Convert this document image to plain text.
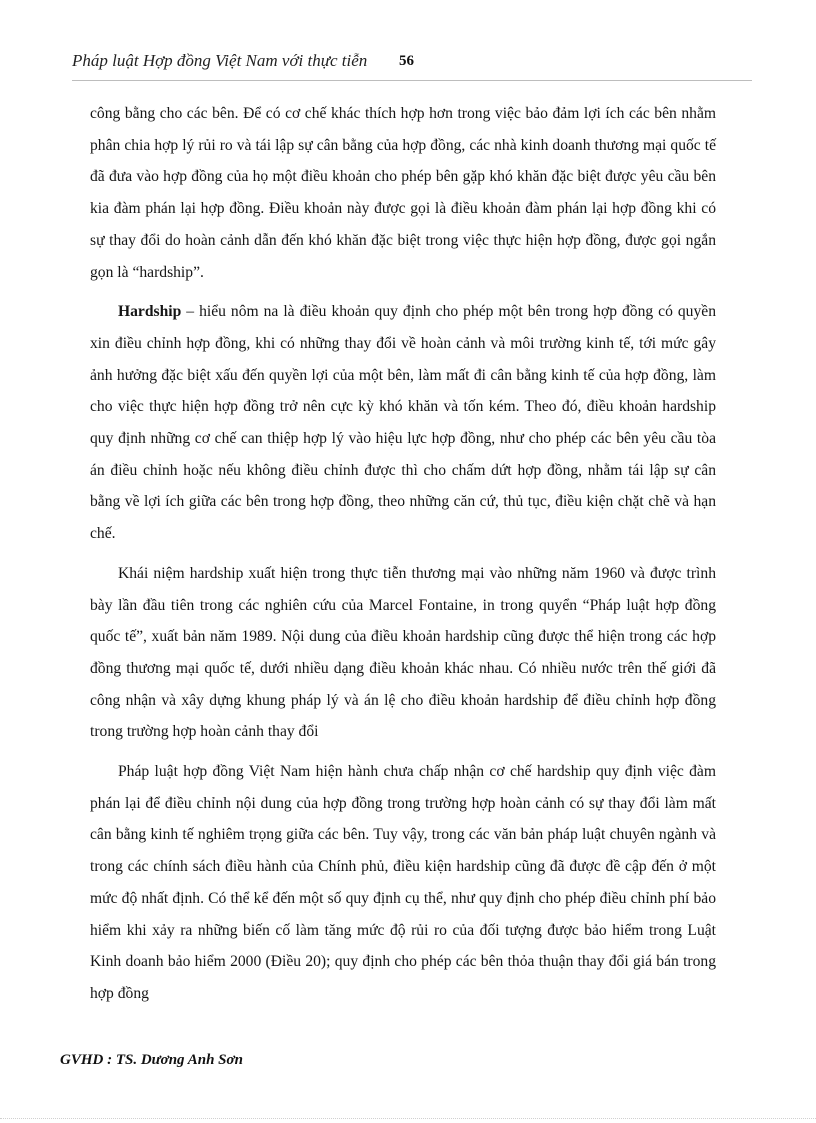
Pháp luật Hợp đồng Việt Nam với thực tiễn 56

công bằng cho các bên. Để có cơ chế khác thích hợp hơn trong việc bảo đảm lợi ích các bên nhằm phân chia hợp lý rủi ro và tái lập sự cân bằng của hợp đồng, các nhà kinh doanh thương mại quốc tế đã đưa vào hợp đồng của họ một điều khoản cho phép bên gặp khó khăn đặc biệt được yêu cầu bên kia đàm phán lại hợp đồng. Điều khoản này được gọi là điều khoản đàm phán lại hợp đồng khi có sự thay đổi do hoàn cảnh dẫn đến khó khăn đặc biệt trong việc thực hiện hợp đồng, được gọi ngắn gọn là “hardship”.

Hardship – hiểu nôm na là điều khoản quy định cho phép một bên trong hợp đồng có quyền xin điều chỉnh hợp đồng, khi có những thay đổi về hoàn cảnh và môi trường kinh tế, tới mức gây ảnh hưởng đặc biệt xấu đến quyền lợi của một bên, làm mất đi cân bằng kinh tế của hợp đồng, làm cho việc thực hiện hợp đồng trở nên cực kỳ khó khăn và tốn kém. Theo đó, điều khoản hardship quy định những cơ chế can thiệp hợp lý vào hiệu lực hợp đồng, như cho phép các bên yêu cầu tòa án điều chỉnh hoặc nếu không điều chỉnh được thì cho chấm dứt hợp đồng, nhằm tái lập sự cân bằng về lợi ích giữa các bên trong hợp đồng, theo những căn cứ, thủ tục, điều kiện chặt chẽ và hạn chế.

Khái niệm hardship xuất hiện trong thực tiễn thương mại vào những năm 1960 và được trình bày lần đầu tiên trong các nghiên cứu của Marcel Fontaine, in trong quyển “Pháp luật hợp đồng quốc tế”, xuất bản năm 1989. Nội dung của điều khoản hardship cũng được thể hiện trong các hợp đồng thương mại quốc tế, dưới nhiều dạng điều khoản khác nhau. Có nhiều nước trên thế giới đã công nhận và xây dựng khung pháp lý và án lệ cho điều khoản hardship để điều chỉnh hợp đồng trong trường hợp hoàn cảnh thay đổi

Pháp luật hợp đồng Việt Nam hiện hành chưa chấp nhận cơ chế hardship quy định việc đàm phán lại để điều chỉnh nội dung của hợp đồng trong trường hợp hoàn cảnh có sự thay đổi làm mất cân bằng kinh tế nghiêm trọng giữa các bên. Tuy vậy, trong các văn bản pháp luật chuyên ngành và trong các chính sách điều hành của Chính phủ, điều kiện hardship cũng đã được đề cập đến ở một mức độ nhất định. Có thể kể đến một số quy định cụ thể, như quy định cho phép điều chỉnh phí bảo hiểm khi xảy ra những biến cố làm tăng mức độ rủi ro của đối tượng được bảo hiểm trong Luật Kinh doanh bảo hiểm 2000 (Điều 20); quy định cho phép các bên thỏa thuận thay đổi giá bán trong hợp đồng

GVHD : TS. Dương Anh Sơn
